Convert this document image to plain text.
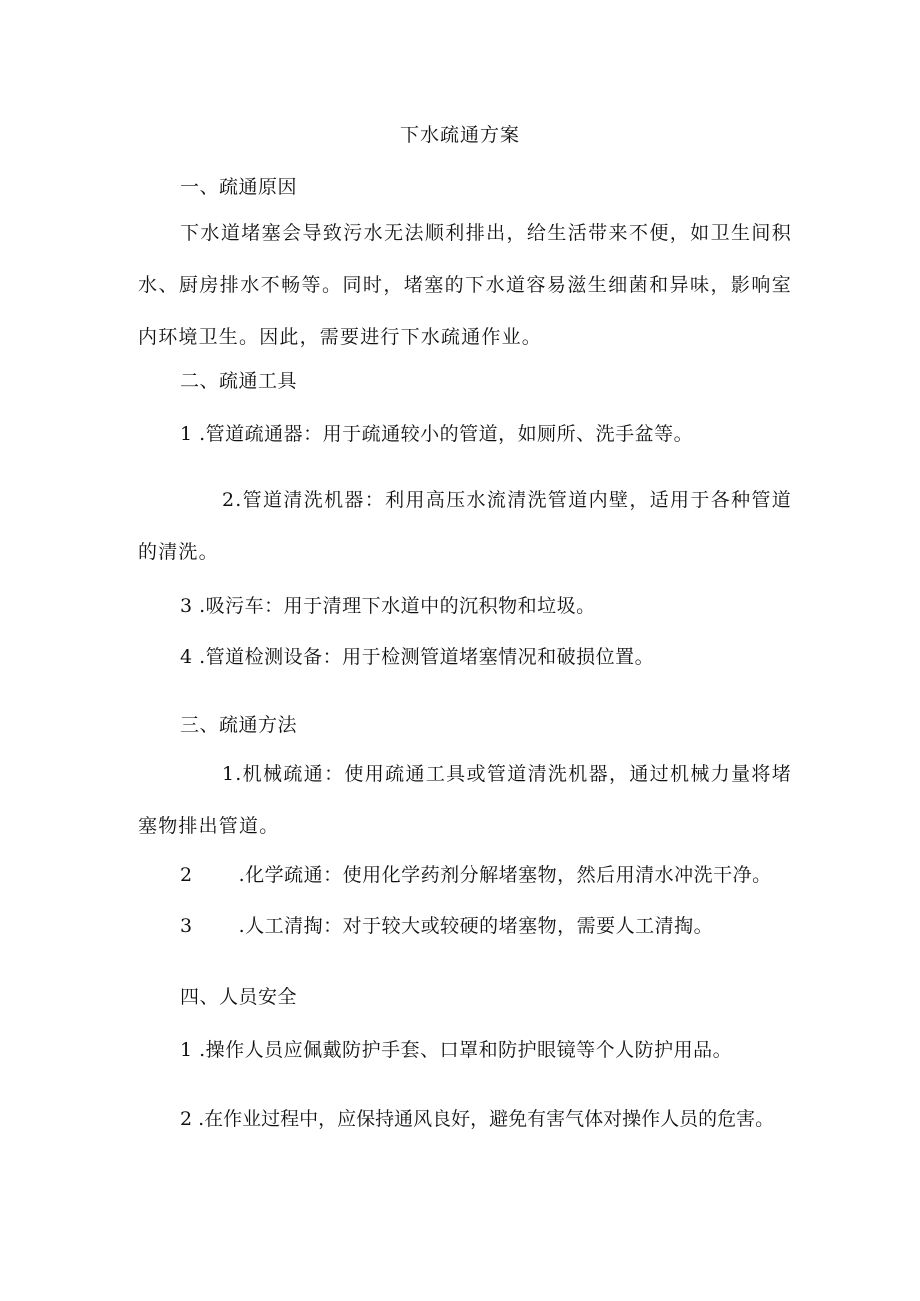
下水疏通方案
一、疏通原因
下水道堵塞会导致污水无法顺利排出，给生活带来不便，如卫生间积水、厨房排水不畅等。同时，堵塞的下水道容易滋生细菌和异味，影响室内环境卫生。因此，需要进行下水疏通作业。
二、疏通工具
1 .管道疏通器：用于疏通较小的管道，如厕所、洗手盆等。
2.管道清洗机器：利用高压水流清洗管道内壁，适用于各种管道的清洗。
3 .吸污车：用于清理下水道中的沉积物和垃圾。
4 .管道检测设备：用于检测管道堵塞情况和破损位置。
三、疏通方法
1.机械疏通：使用疏通工具或管道清洗机器，通过机械力量将堵塞物排出管道。
2 .化学疏通：使用化学药剂分解堵塞物，然后用清水冲洗干净。
3 .人工清掏：对于较大或较硬的堵塞物，需要人工清掏。
四、人员安全
1 .操作人员应佩戴防护手套、口罩和防护眼镜等个人防护用品。
2 .在作业过程中，应保持通风良好，避免有害气体对操作人员的危害。
